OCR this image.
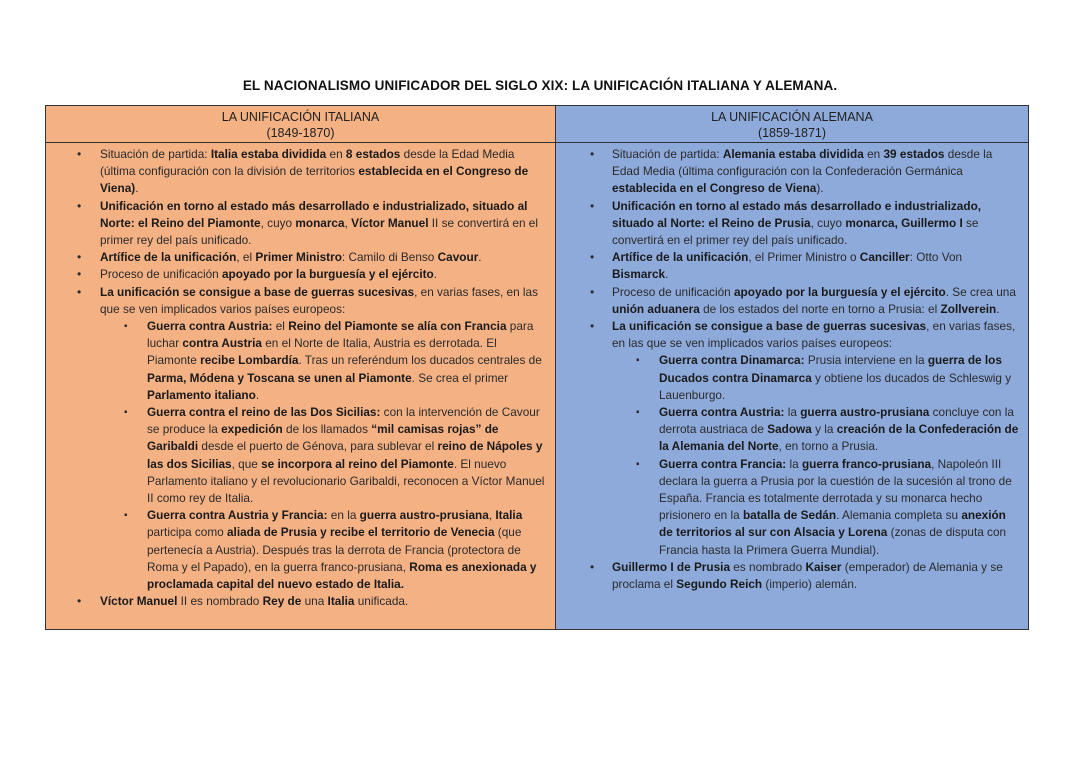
EL NACIONALISMO UNIFICADOR DEL SIGLO XIX: LA UNIFICACIÓN ITALIANA Y ALEMANA.
LA UNIFICACIÓN ITALIANA
(1849-1870)
LA UNIFICACIÓN ALEMANA
(1859-1871)
• Situación de partida: Italia estaba dividida en 8 estados desde la Edad Media (última configuración con la división de territorios establecida en el Congreso de Viena).
• Unificación en torno al estado más desarrollado e industrializado, situado al Norte: el Reino del Piamonte, cuyo monarca, Víctor Manuel II se convertirá en el primer rey del país unificado.
• Artífice de la unificación, el Primer Ministro: Camilo di Benso Cavour.
• Proceso de unificación apoyado por la burguesía y el ejército.
• La unificación se consigue a base de guerras sucesivas, en varias fases, en las que se ven implicados varios países europeos:
▪ Guerra contra Austria: el Reino del Piamonte se alía con Francia para luchar contra Austria en el Norte de Italia, Austria es derrotada. El Piamonte recibe Lombardía. Tras un referéndum los ducados centrales de Parma, Módena y Toscana se unen al Piamonte. Se crea el primer Parlamento italiano.
▪ Guerra contra el reino de las Dos Sicilias: con la intervención de Cavour se produce la expedición de los llamados “mil camisas rojas” de Garibaldi desde el puerto de Génova, para sublevar el reino de Nápoles y las dos Sicilias, que se incorpora al reino del Piamonte. El nuevo Parlamento italiano y el revolucionario Garibaldi, reconocen a Víctor Manuel II como rey de Italia.
▪ Guerra contra Austria y Francia: en la guerra austro-prusiana, Italia participa como aliada de Prusia y recibe el territorio de Venecia (que pertenecía a Austria). Después tras la derrota de Francia (protectora de Roma y el Papado), en la guerra franco-prusiana, Roma es anexionada y proclamada capital del nuevo estado de Italia.
• Víctor Manuel II es nombrado Rey de una Italia unificada.
• Situación de partida: Alemania estaba dividida en 39 estados desde la Edad Media (última configuración con la Confederación Germánica establecida en el Congreso de Viena).
• Unificación en torno al estado más desarrollado e industrializado, situado al Norte: el Reino de Prusia, cuyo monarca, Guillermo I se convertirá en el primer rey del país unificado.
• Artífice de la unificación, el Primer Ministro o Canciller: Otto Von Bismarck.
• Proceso de unificación apoyado por la burguesía y el ejército. Se crea una unión aduanera de los estados del norte en torno a Prusia: el Zollverein.
• La unificación se consigue a base de guerras sucesivas, en varias fases, en las que se ven implicados varios países europeos:
▪ Guerra contra Dinamarca: Prusia interviene en la guerra de los Ducados contra Dinamarca y obtiene los ducados de Schleswig y Lauenburgo.
▪ Guerra contra Austria: la guerra austro-prusiana concluye con la derrota austriaca de Sadowa y la creación de la Confederación de la Alemania del Norte, en torno a Prusia.
▪ Guerra contra Francia: la guerra franco-prusiana, Napoleón III declara la guerra a Prusia por la cuestión de la sucesión al trono de España. Francia es totalmente derrotada y su monarca hecho prisionero en la batalla de Sedán. Alemania completa su anexión de territorios al sur con Alsacia y Lorena (zonas de disputa con Francia hasta la Primera Guerra Mundial).
• Guillermo I de Prusia es nombrado Kaiser (emperador) de Alemania y se proclama el Segundo Reich (imperio) alemán.
